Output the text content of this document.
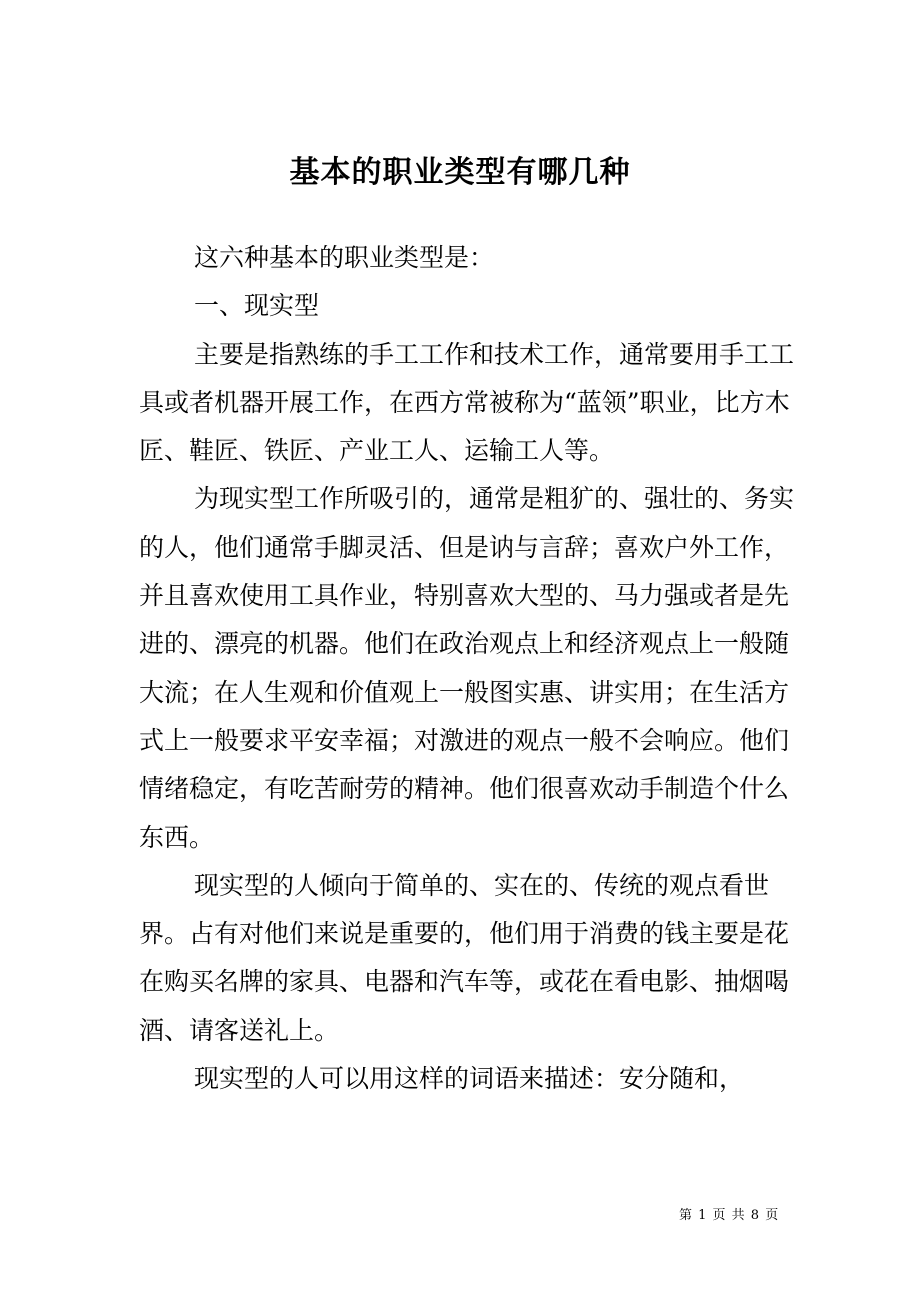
基本的职业类型有哪几种

这六种基本的职业类型是：

一、现实型

主要是指熟练的手工工作和技术工作，通常要用手工工具或者机器开展工作，在西方常被称为“蓝领”职业，比方木匠、鞋匠、铁匠、产业工人、运输工人等。

为现实型工作所吸引的，通常是粗犷的、强壮的、务实的人，他们通常手脚灵活、但是讷与言辞；喜欢户外工作，并且喜欢使用工具作业，特别喜欢大型的、马力强或者是先进的、漂亮的机器。他们在政治观点上和经济观点上一般随大流；在人生观和价值观上一般图实惠、讲实用；在生活方式上一般要求平安幸福；对激进的观点一般不会响应。他们情绪稳定，有吃苦耐劳的精神。他们很喜欢动手制造个什么东西。

现实型的人倾向于简单的、实在的、传统的观点看世界。占有对他们来说是重要的，他们用于消费的钱主要是花在购买名牌的家具、电器和汽车等，或花在看电影、抽烟喝酒、请客送礼上。

现实型的人可以用这样的词语来描述：安分随和，

第 1 页 共 8 页
